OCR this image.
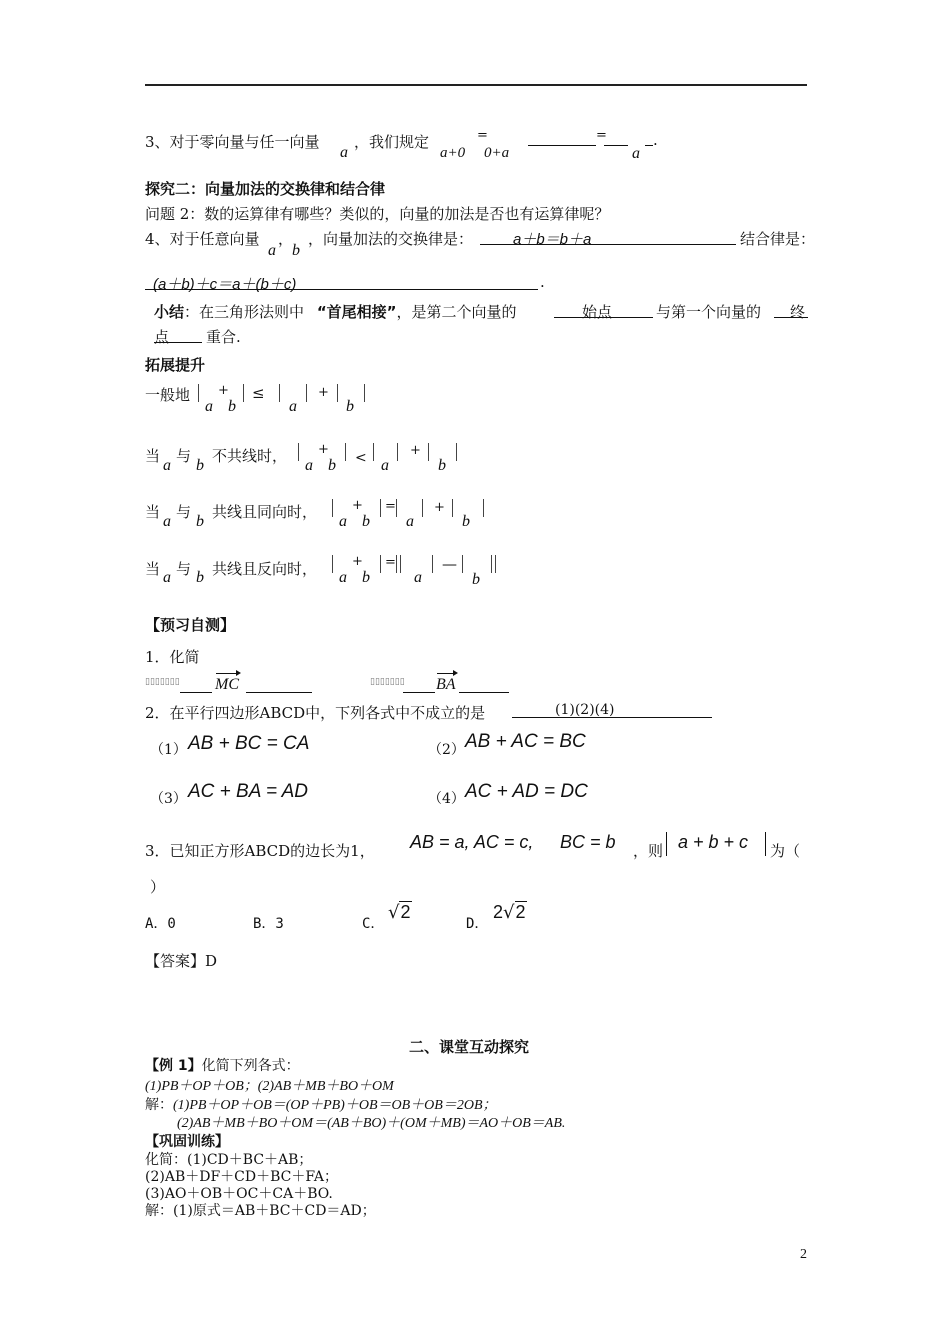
3、对于零向量与任一向量
a
，我们规定
a+0
=
0+a
=
a
.
探究二：向量加法的交换律和结合律
问题 2：数的运算律有哪些？类似的，向量的加法是否也有运算律呢？
4、对于任意向量
a
，
b
，向量加法的交换律是：	a＋b＝b＋a	结合律是：
(a＋b)＋c＝a＋(b＋c)	.
小结：在三角形法则中 “首尾相接”，是第二个向量的	始点	与第一个向量的 终
点 重合.
拓展提升
一般地
a
+
b
≤
a
+
b
当
a
与
b
不共线时，
a
+
b < a
+
b
当
a
与
b
共线且同向时，
a
+
b
=
a
+
b
当 a 与 b 共线且反向时， a
+
b
=
a
—
b
【预习自测】
1．化简
▯▯▯▯▯▯▯ MC	▯▯▯▯▯▯▯ BA
2．在平行四边形ABCD中，下列各式中不成立的是	(1)(2)(4)
（1） AB + BC = CA	（2） AB + AC = BC
（3） AC + BA = AD	（4） AC + AD = DC
3．已知正方形ABCD的边长为1， AB = a, AC = c, BC = b ，则 a + b + c 为（
）
A．0	B．3	C．
√2
D．
2√2
【答案】D
二、课堂互动探究
【例 1】化简下列各式：
(1)PB＋OP＋OB；(2)AB＋MB＋BO＋OM
解：(1)PB＋OP＋OB＝(OP＋PB)＋OB＝OB＋OB＝2OB；
(2)AB＋MB＋BO＋OM＝(AB＋BO)＋(OM＋MB)＝AO＋OB＝AB.
【巩固训练】
化简：(1)CD＋BC＋AB；
(2)AB＋DF＋CD＋BC＋FA；
(3)AO＋OB＋OC＋CA＋BO.
解：(1)原式＝AB＋BC＋CD＝AD；
2
